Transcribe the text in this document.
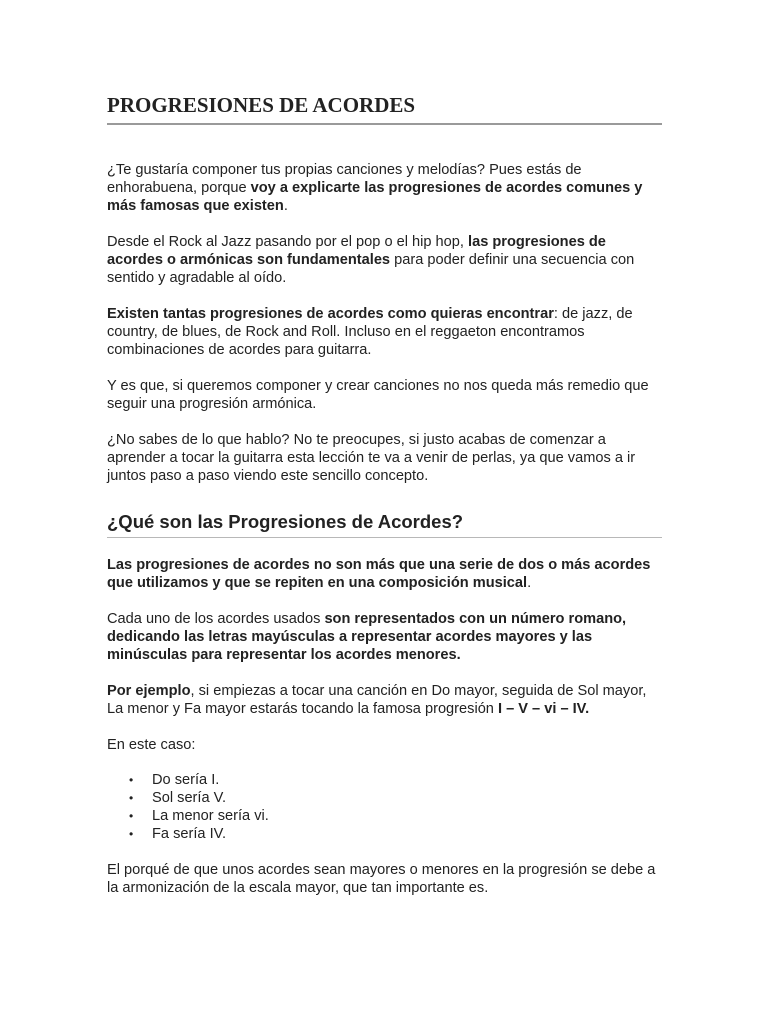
PROGRESIONES DE ACORDES

¿Te gustaría componer tus propias canciones y melodías? Pues estás de enhorabuena, porque voy a explicarte las progresiones de acordes comunes y más famosas que existen.

Desde el Rock al Jazz pasando por el pop o el hip hop, las progresiones de acordes o armónicas son fundamentales para poder definir una secuencia con sentido y agradable al oído.

Existen tantas progresiones de acordes como quieras encontrar: de jazz, de country, de blues, de Rock and Roll. Incluso en el reggaeton encontramos combinaciones de acordes para guitarra.

Y es que, si queremos componer y crear canciones no nos queda más remedio que seguir una progresión armónica.

¿No sabes de lo que hablo? No te preocupes, si justo acabas de comenzar a aprender a tocar la guitarra esta lección te va a venir de perlas, ya que vamos a ir juntos paso a paso viendo este sencillo concepto.

¿Qué son las Progresiones de Acordes?

Las progresiones de acordes no son más que una serie de dos o más acordes que utilizamos y que se repiten en una composición musical.

Cada uno de los acordes usados son representados con un número romano, dedicando las letras mayúsculas a representar acordes mayores y las minúsculas para representar los acordes menores.

Por ejemplo, si empiezas a tocar una canción en Do mayor, seguida de Sol mayor, La menor y Fa mayor estarás tocando la famosa progresión I – V – vi – IV.

En este caso:

• Do sería I.
• Sol sería V.
• La menor sería vi.
• Fa sería IV.

El porqué de que unos acordes sean mayores o menores en la progresión se debe a la armonización de la escala mayor, que tan importante es.
